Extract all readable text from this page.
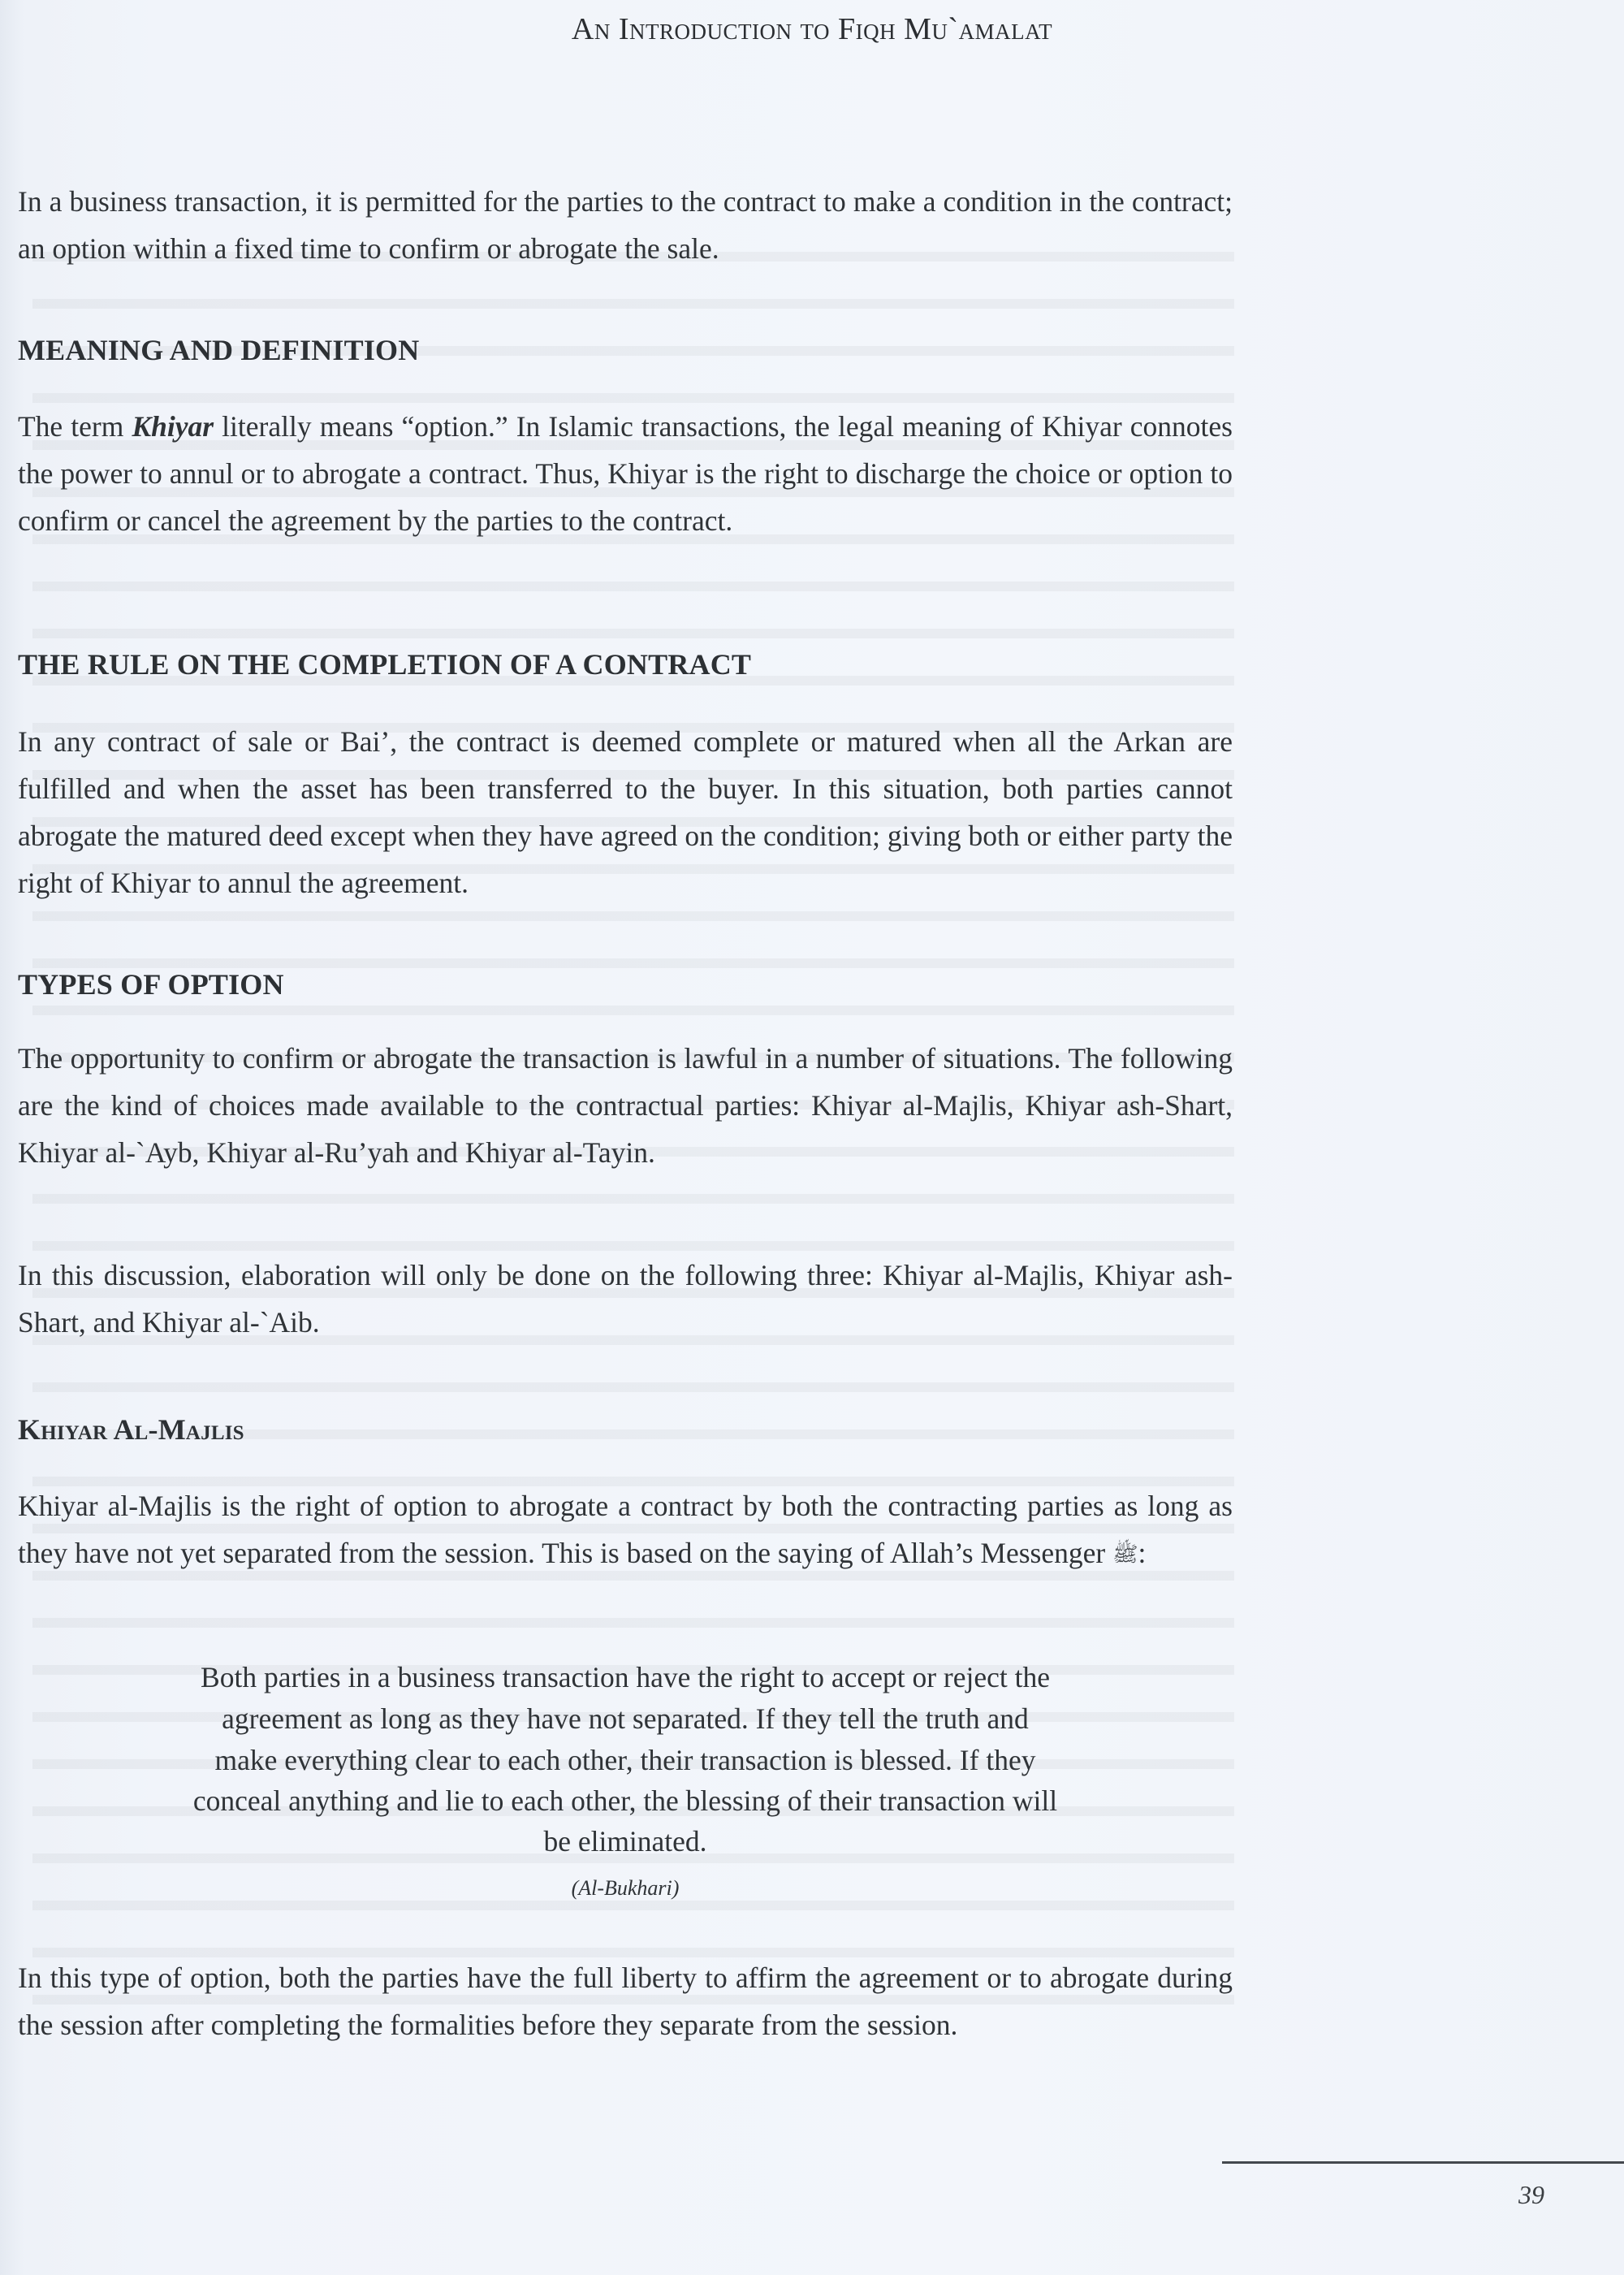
An Introduction to Fiqh Mu`amalat

In a business transaction, it is permitted for the parties to the contract to make a condition in the contract; an option within a fixed time to confirm or abrogate the sale.

MEANING AND DEFINITION

The term Khiyar literally means “option.” In Islamic transactions, the legal meaning of Khiyar connotes the power to annul or to abrogate a contract. Thus, Khiyar is the right to discharge the choice or option to confirm or cancel the agreement by the parties to the contract.

THE RULE ON THE COMPLETION OF A CONTRACT

In any contract of sale or Bai’, the contract is deemed complete or matured when all the Arkan are fulfilled and when the asset has been transferred to the buyer. In this situation, both parties cannot abrogate the matured deed except when they have agreed on the condition; giving both or either party the right of Khiyar to annul the agreement.

TYPES OF OPTION

The opportunity to confirm or abrogate the transaction is lawful in a number of situations. The following are the kind of choices made available to the contractual parties: Khiyar al-Majlis, Khiyar ash-Shart, Khiyar al-`Ayb, Khiyar al-Ru’yah and Khiyar al-Tayin.

In this discussion, elaboration will only be done on the following three: Khiyar al-Majlis, Khiyar ash-Shart, and Khiyar al-`Aib.

Khiyar Al-Majlis

Khiyar al-Majlis is the right of option to abrogate a contract by both the contracting parties as long as they have not yet separated from the session. This is based on the saying of Allah’s Messenger ﷺ:

Both parties in a business transaction have the right to accept or reject the
agreement as long as they have not separated. If they tell the truth and
make everything clear to each other, their transaction is blessed. If they
conceal anything and lie to each other, the blessing of their transaction will
be eliminated.
(Al-Bukhari)

In this type of option, both the parties have the full liberty to affirm the agreement or to abrogate during the session after completing the formalities before they separate from the session.

39
